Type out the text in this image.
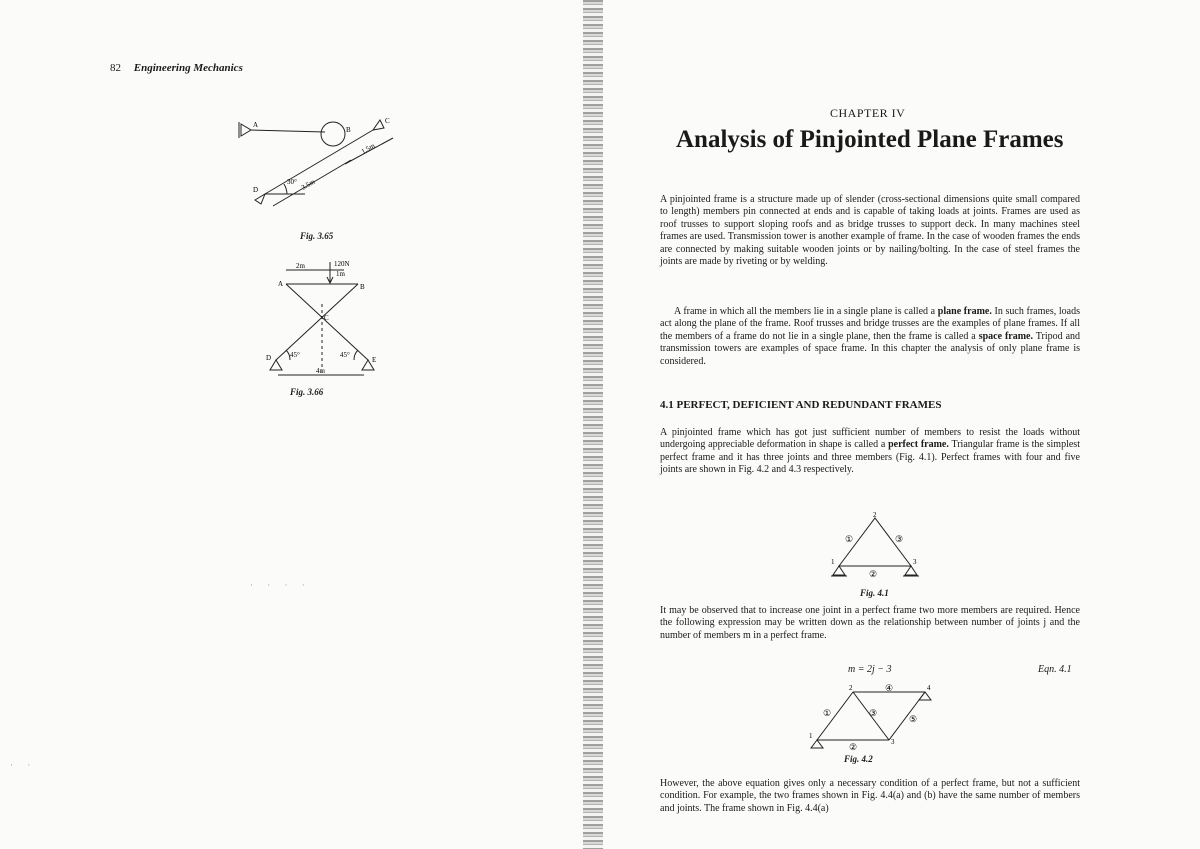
82 Engineering Mechanics
A
B
C
D
30° 3.5m
1.5m
Fig. 3.65
120N
2m
1m
A	B
C
D	E
45°	45°
4m
Fig. 3.66
· · · ·
· ·
CHAPTER IV
Analysis of Pinjointed Plane Frames

A pinjointed frame is a structure made up of slender (cross-sectional dimensions quite small compared to length) members pin connected at ends and is capable of taking loads at joints. Frames are used as roof trusses to support sloping roofs and as bridge trusses to support deck. In many machines steel frames are used. Transmission tower is another example of frame. In the case of wooden frames the ends are connected by making suitable wooden joints or by nailing/bolting. In the case of steel frames the joints are made by riveting or by welding.

A frame in which all the members lie in a single plane is called a plane frame. In such frames, loads act along the plane of the frame. Roof trusses and bridge trusses are the examples of plane frames. If all the members of a frame do not lie in a single plane, then the frame is called a space frame. Tripod and transmission towers are examples of space frame. In this chapter the analysis of only plane frame is considered.

4.1 PERFECT, DEFICIENT AND REDUNDANT FRAMES

A pinjointed frame which has got just sufficient number of members to resist the loads without undergoing appreciable deformation in shape is called a perfect frame. Triangular frame is the simplest perfect frame and it has three joints and three members (Fig. 4.1). Perfect frames with four and five joints are shown in Fig. 4.2 and 4.3 respectively.

1
2
3
①
②
③
Fig. 4.1

It may be observed that to increase one joint in a perfect frame two more members are required. Hence the following expression may be written down as the relationship between number of joints j and the number of members m in a perfect frame.

m = 2j − 3	Eqn. 4.1
1
2
3
4
①
②
③
④
⑤
Fig. 4.2

However, the above equation gives only a necessary condition of a perfect frame, but not a sufficient condition. For example, the two frames shown in Fig. 4.4(a) and (b) have the same number of members and joints. The frame shown in Fig. 4.4(a)
